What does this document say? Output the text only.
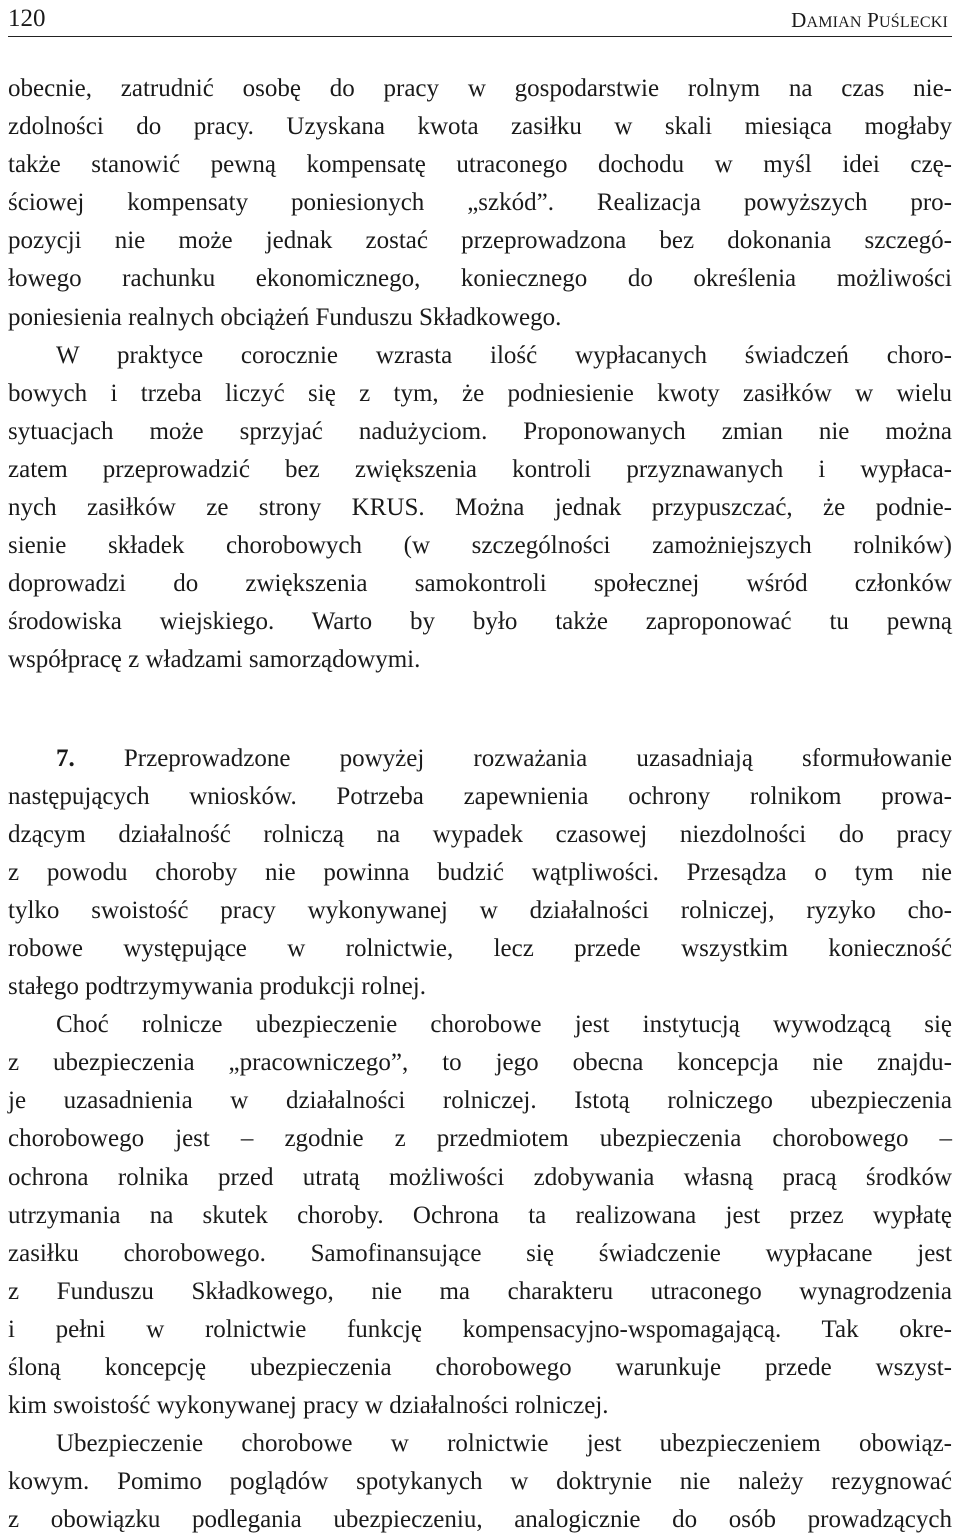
120	DAMIAN PUŚLECKI
obecnie, zatrudnić osobę do pracy w gospodarstwie rolnym na czas nie-
zdolności do pracy. Uzyskana kwota zasiłku w skali miesiąca mogłaby
także stanowić pewną kompensatę utraconego dochodu w myśl idei czę-
ściowej kompensaty poniesionych „szkód”. Realizacja powyższych pro-
pozycji nie może jednak zostać przeprowadzona bez dokonania szczegó-
łowego rachunku ekonomicznego, koniecznego do określenia możliwości
poniesienia realnych obciążeń Funduszu Składkowego.
W praktyce corocznie wzrasta ilość wypłacanych świadczeń choro-
bowych i trzeba liczyć się z tym, że podniesienie kwoty zasiłków w wielu
sytuacjach może sprzyjać nadużyciom. Proponowanych zmian nie można
zatem przeprowadzić bez zwiększenia kontroli przyznawanych i wypłaca-
nych zasiłków ze strony KRUS. Można jednak przypuszczać, że podnie-
sienie składek chorobowych (w szczególności zamożniejszych rolników)
doprowadzi do zwiększenia samokontroli społecznej wśród członków
środowiska wiejskiego. Warto by było także zaproponować tu pewną
współpracę z władzami samorządowymi.
7. Przeprowadzone powyżej rozważania uzasadniają sformułowanie
następujących wniosków. Potrzeba zapewnienia ochrony rolnikom prowa-
dzącym działalność rolniczą na wypadek czasowej niezdolności do pracy
z powodu choroby nie powinna budzić wątpliwości. Przesądza o tym nie
tylko swoistość pracy wykonywanej w działalności rolniczej, ryzyko cho-
robowe występujące w rolnictwie, lecz przede wszystkim konieczność
stałego podtrzymywania produkcji rolnej.
Choć rolnicze ubezpieczenie chorobowe jest instytucją wywodzącą się
z ubezpieczenia „pracowniczego”, to jego obecna koncepcja nie znajdu-
je uzasadnienia w działalności rolniczej. Istotą rolniczego ubezpieczenia
chorobowego jest – zgodnie z przedmiotem ubezpieczenia chorobowego –
ochrona rolnika przed utratą możliwości zdobywania własną pracą środków
utrzymania na skutek choroby. Ochrona ta realizowana jest przez wypłatę
zasiłku chorobowego. Samofinansujące się świadczenie wypłacane jest
z Funduszu Składkowego, nie ma charakteru utraconego wynagrodzenia
i pełni w rolnictwie funkcję kompensacyjno-wspomagającą. Tak okre-
śloną koncepcję ubezpieczenia chorobowego warunkuje przede wszyst-
kim swoistość wykonywanej pracy w działalności rolniczej.
Ubezpieczenie chorobowe w rolnictwie jest ubezpieczeniem obowiąz-
kowym. Pomimo poglądów spotykanych w doktrynie nie należy rezygnować
z obowiązku podlegania ubezpieczeniu, analogicznie do osób prowadzących
